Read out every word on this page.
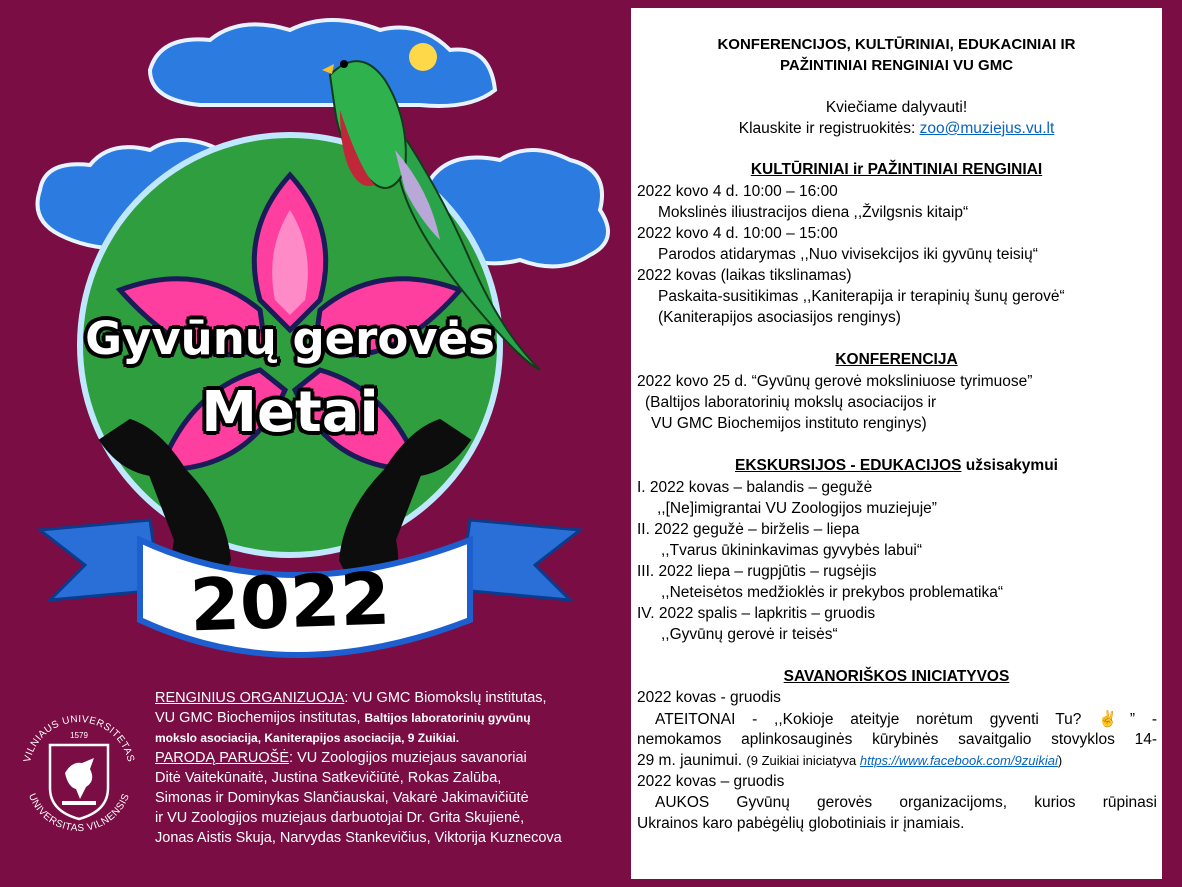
Gyvūnų gerovės
Metai
2022
VILNIAUS UNIVERSITETAS
UNIVERSITAS VILNENSIS
1579
RENGINIUS ORGANIZUOJA: VU GMC Biomokslų institutas,
VU GMC Biochemijos institutas, Baltijos laboratorinių gyvūnų
mokslo asociacija, Kaniterapijos asociacija, 9 Zuikiai.
PARODĄ PARUOŠĖ: VU Zoologijos muziejaus savanoriai
Ditė Vaitekūnaitė, Justina Satkevičiūtė, Rokas Zalūba,
Simonas ir Dominykas Slančiauskai, Vakarė Jakimavičiūtė
ir VU Zoologijos muziejaus darbuotojai Dr. Grita Skujienė,
Jonas Aistis Skuja, Narvydas Stankevičius, Viktorija Kuznecova
KONFERENCIJOS, KULTŪRINIAI, EDUKACINIAI IR
PAŽINTINIAI RENGINIAI VU GMC
Kviečiame dalyvauti!
Klauskite ir registruokitės: zoo@muziejus.vu.lt
KULTŪRINIAI ir PAŽINTINIAI RENGINIAI
2022 kovo 4 d. 10:00 – 16:00
Mokslinės iliustracijos diena ,,Žvilgsnis kitaip“
2022 kovo 4 d. 10:00 – 15:00
Parodos atidarymas ,,Nuo vivisekcijos iki gyvūnų teisių“
2022 kovas (laikas tikslinamas)
Paskaita-susitikimas ,,Kaniterapija ir terapinių šunų gerovė“
(Kaniterapijos asociasijos renginys)
KONFERENCIJA
2022 kovo 25 d. “Gyvūnų gerovė moksliniuose tyrimuose”
(Baltijos laboratorinių mokslų asociacijos ir
VU GMC Biochemijos instituto renginys)
EKSKURSIJOS - EDUKACIJOS užsisakymui
I. 2022 kovas – balandis – gegužė
,,[Ne]imigrantai VU Zoologijos muziejuje”
II. 2022 gegužė – birželis – liepa
,,Tvarus ūkininkavimas gyvybės labui“
III. 2022 liepa – rugpjūtis – rugsėjis
,,Neteisėtos medžioklės ir prekybos problematika“
IV. 2022 spalis – lapkritis – gruodis
,,Gyvūnų gerovė ir teisės“
SAVANORIŠKOS INICIATYVOS
2022 kovas - gruodis
ATEITONAI - ,,Kokioje ateityje norėtum gyventi Tu? ✌” -
nemokamos aplinkosauginės kūrybinės savaitgalio stovyklos 14-
29 m. jaunimui. (9 Zuikiai iniciatyva https://www.facebook.com/9zuikiai)
2022 kovas – gruodis
AUKOS Gyvūnų gerovės organizacijoms, kurios rūpinasi
Ukrainos karo pabėgėlių globotiniais ir įnamiais.
